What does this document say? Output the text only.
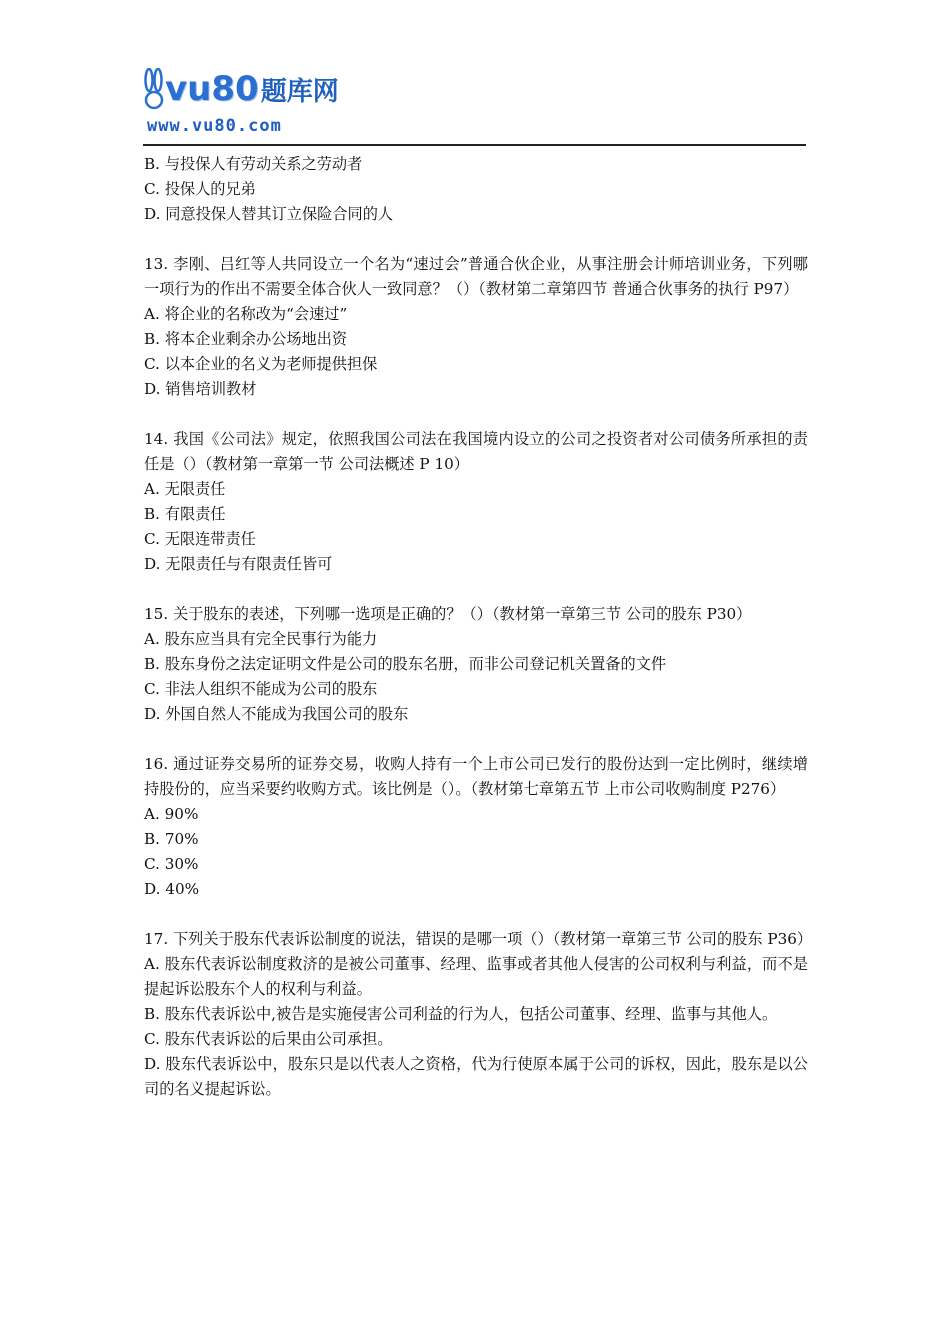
vu80 题库网
www.vu80.com
B. 与投保人有劳动关系之劳动者
C. 投保人的兄弟
D. 同意投保人替其订立保险合同的人
13. 李刚、吕红等人共同设立一个名为“速过会”普通合伙企业，从事注册会计师培训业务，下列哪一项行为的作出不需要全体合伙人一致同意？（）（教材第二章第四节 普通合伙事务的执行 P97）
A. 将企业的名称改为“会速过”
B. 将本企业剩余办公场地出资
C. 以本企业的名义为老师提供担保
D. 销售培训教材
14. 我国《公司法》规定，依照我国公司法在我国境内设立的公司之投资者对公司债务所承担的责任是（）（教材第一章第一节 公司法概述 P 10）
A. 无限责任
B. 有限责任
C. 无限连带责任
D. 无限责任与有限责任皆可
15. 关于股东的表述，下列哪一选项是正确的？（）（教材第一章第三节 公司的股东 P30）
A. 股东应当具有完全民事行为能力
B. 股东身份之法定证明文件是公司的股东名册，而非公司登记机关置备的文件
C. 非法人组织不能成为公司的股东
D. 外国自然人不能成为我国公司的股东
16. 通过证券交易所的证券交易，收购人持有一个上市公司已发行的股份达到一定比例时，继续增持股份的，应当采要约收购方式。该比例是（）。（教材第七章第五节 上市公司收购制度 P276）
A. 90%
B. 70%
C. 30%
D. 40%
17. 下列关于股东代表诉讼制度的说法，错误的是哪一项（）（教材第一章第三节 公司的股东 P36）
A. 股东代表诉讼制度救济的是被公司董事、经理、监事或者其他人侵害的公司权利与利益，而不是提起诉讼股东个人的权利与利益。
B. 股东代表诉讼中,被告是实施侵害公司利益的行为人，包括公司董事、经理、监事与其他人。
C. 股东代表诉讼的后果由公司承担。
D. 股东代表诉讼中，股东只是以代表人之资格，代为行使原本属于公司的诉权，因此，股东是以公司的名义提起诉讼。
